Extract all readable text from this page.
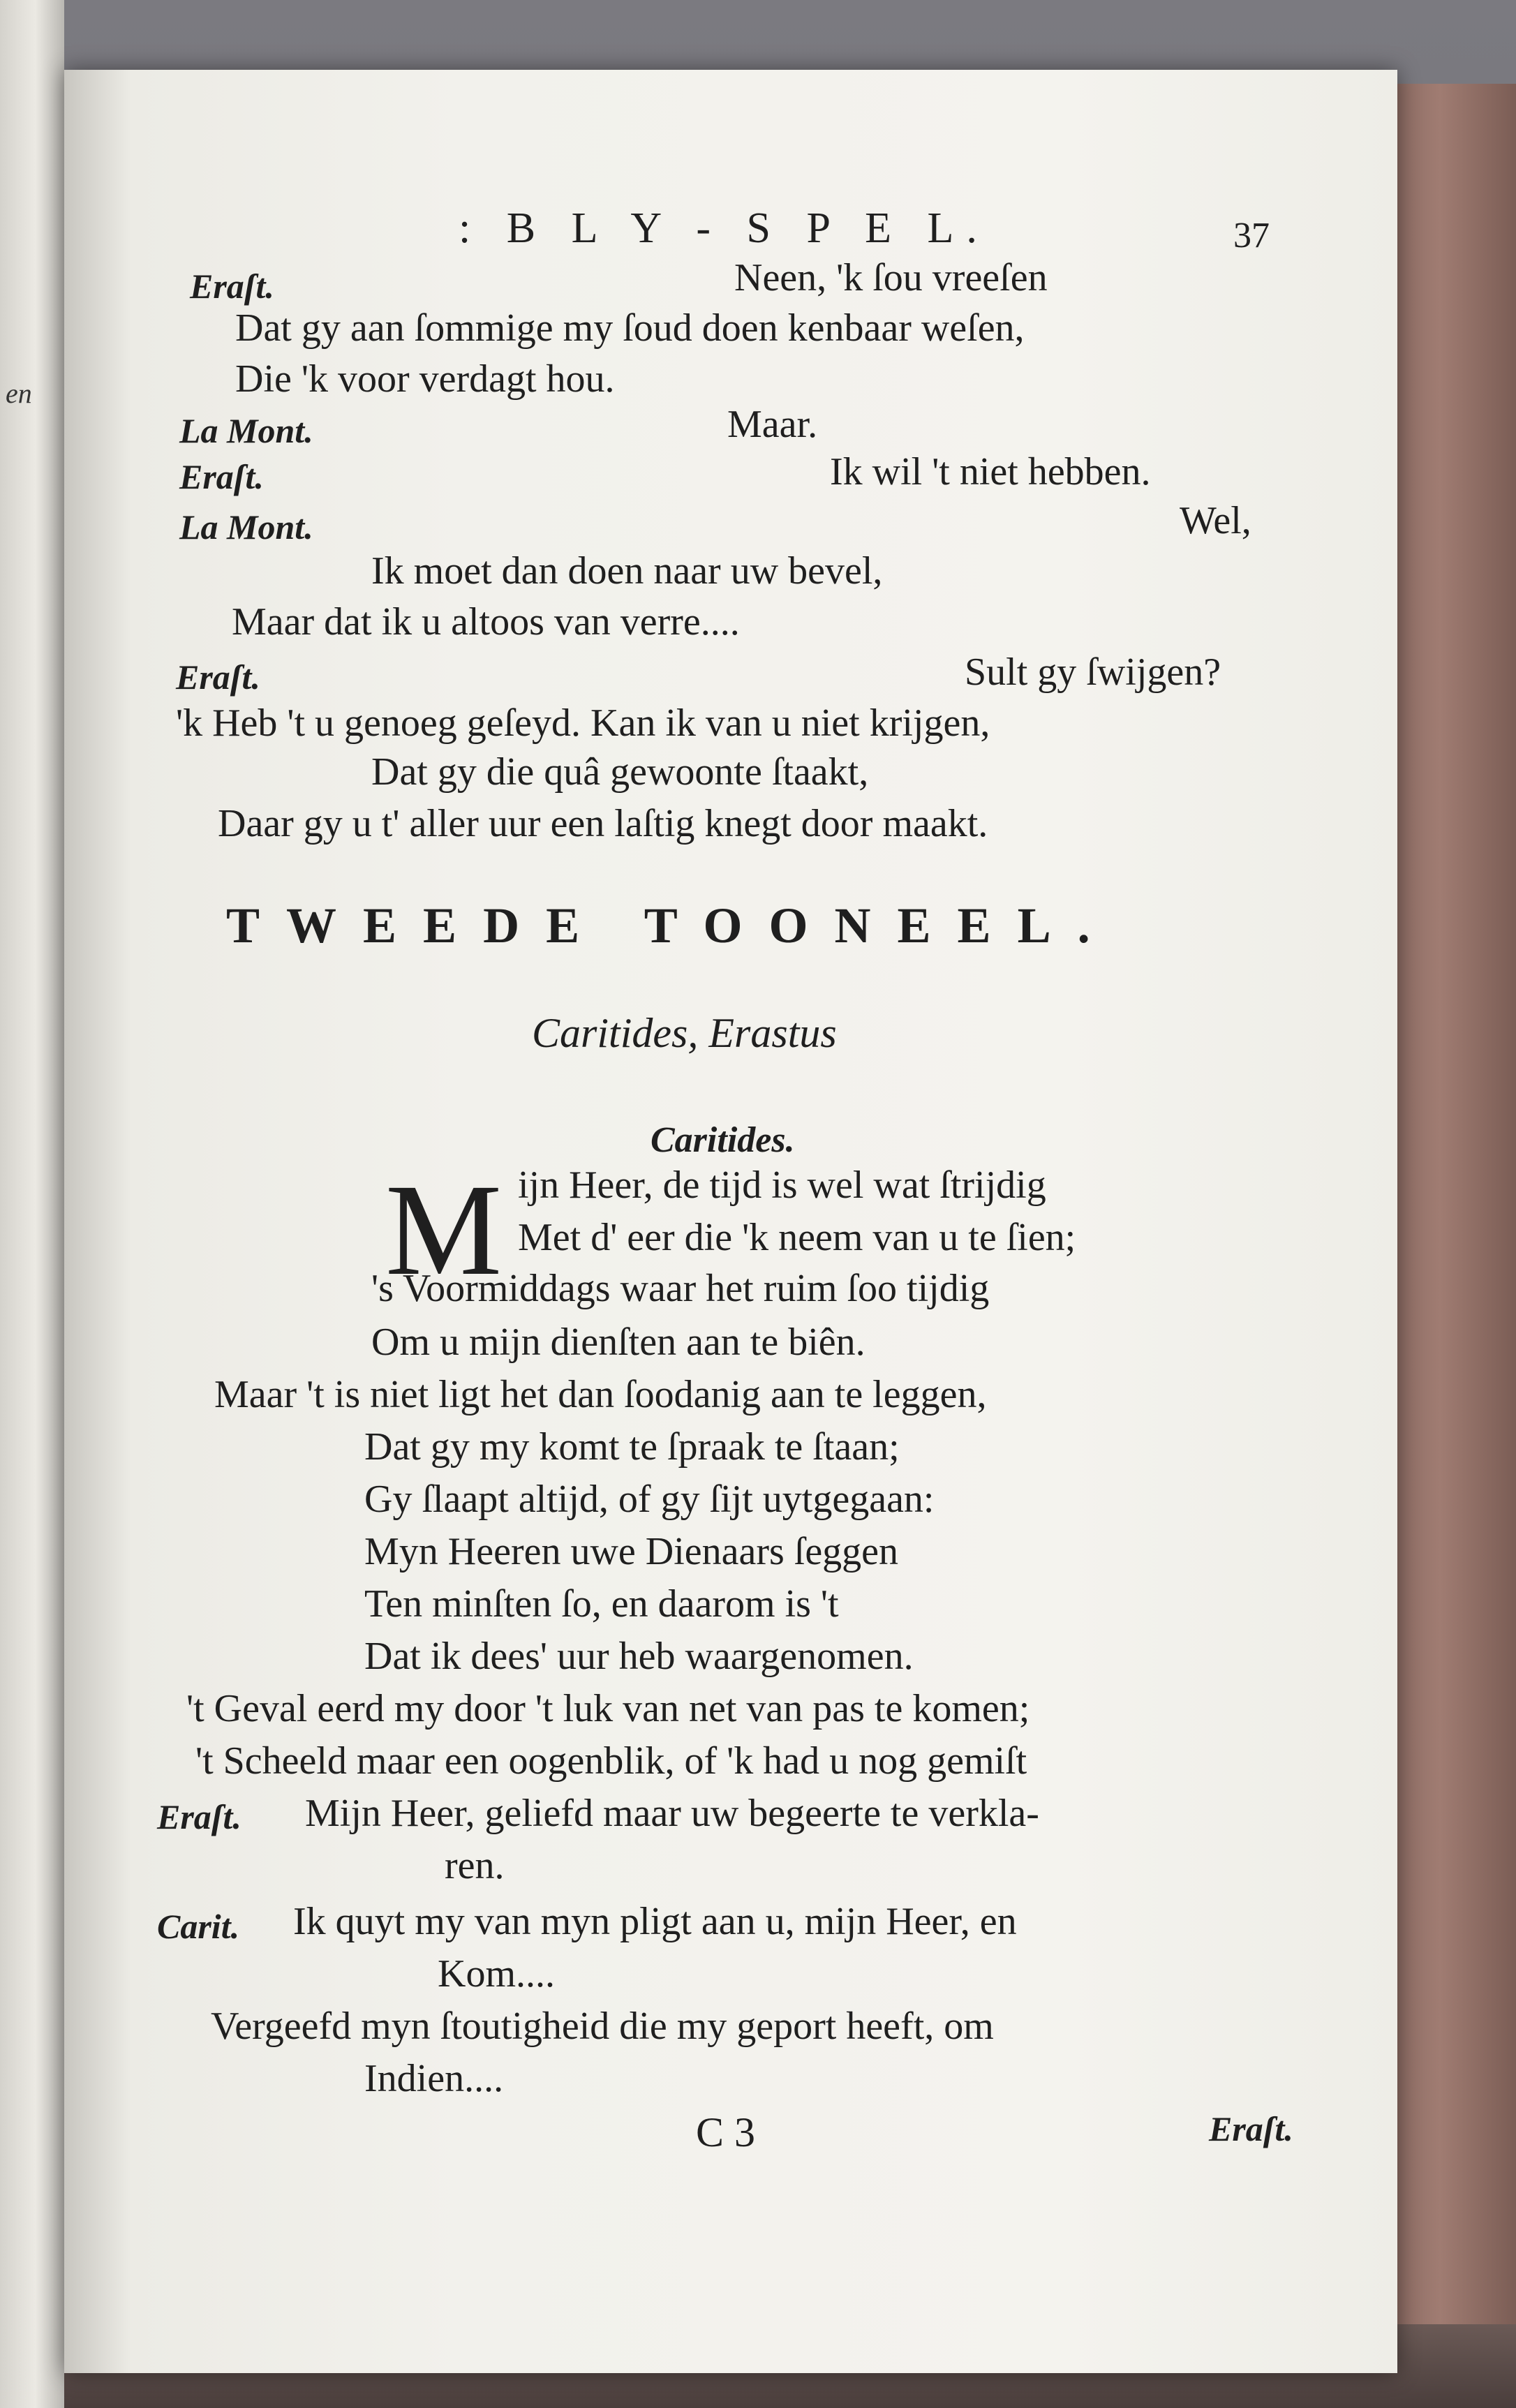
en
: B L Y - S P E L.	37
Eraſt.	Neen, 'k ſou vreeſen
Dat gy aan ſommige my ſoud doen kenbaar weſen,
Die 'k voor verdagt hou.
La Mont.	Maar.
Eraſt.	Ik wil 't niet hebben.
La Mont.	Wel,
Ik moet dan doen naar uw bevel,
Maar dat ik u altoos van verre....
Eraſt.	Sult gy ſwijgen?
'k Heb 't u genoeg geſeyd. Kan ik van u niet krijgen,
Dat gy die quâ gewoonte ſtaakt,
Daar gy u t' aller uur een laſtig knegt door maakt.
TWEEDE TOONEEL.
Caritides, Erastus
Caritides.
M ijn Heer, de tijd is wel wat ſtrijdig
Met d' eer die 'k neem van u te ſien;
's Voormiddags waar het ruim ſoo tijdig
Om u mijn dienſten aan te biên.
Maar 't is niet ligt het dan ſoodanig aan te leggen,
Dat gy my komt te ſpraak te ſtaan;
Gy ſlaapt altijd, of gy ſijt uytgegaan:
Myn Heeren uwe Dienaars ſeggen
Ten minſten ſo, en daarom is 't
Dat ik dees' uur heb waargenomen.
't Geval eerd my door 't luk van net van pas te komen;
't Scheeld maar een oogenblik, of 'k had u nog gemiſt
Eraſt. Mijn Heer, geliefd maar uw begeerte te verkla-
ren.
Carit. Ik quyt my van myn pligt aan u, mijn Heer, en
Kom....
Vergeefd myn ſtoutigheid die my geport heeft, om
Indien....
C 3	Eraſt.
